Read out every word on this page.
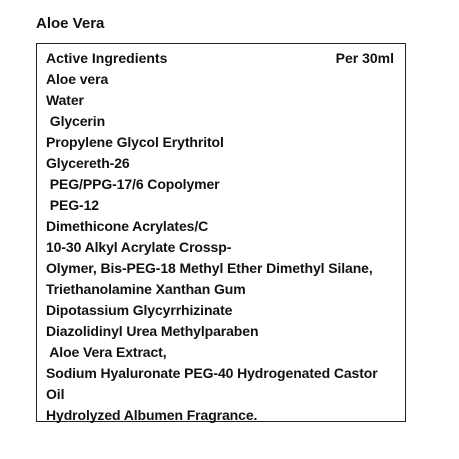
Aloe Vera
Active Ingredients	Per 30ml
Aloe vera
Water
Glycerin
Propylene Glycol Erythritol
Glycereth-26
PEG/PPG-17/6 Copolymer
PEG-12
Dimethicone Acrylates/C
10-30 Alkyl Acrylate Crossp-
Olymer, Bis-PEG-18 Methyl Ether Dimethyl Silane,
Triethanolamine Xanthan Gum
Dipotassium Glycyrrhizinate
Diazolidinyl Urea Methylparaben
Aloe Vera Extract,
Sodium Hyaluronate PEG-40 Hydrogenated Castor
Oil
Hydrolyzed Albumen Fragrance.
